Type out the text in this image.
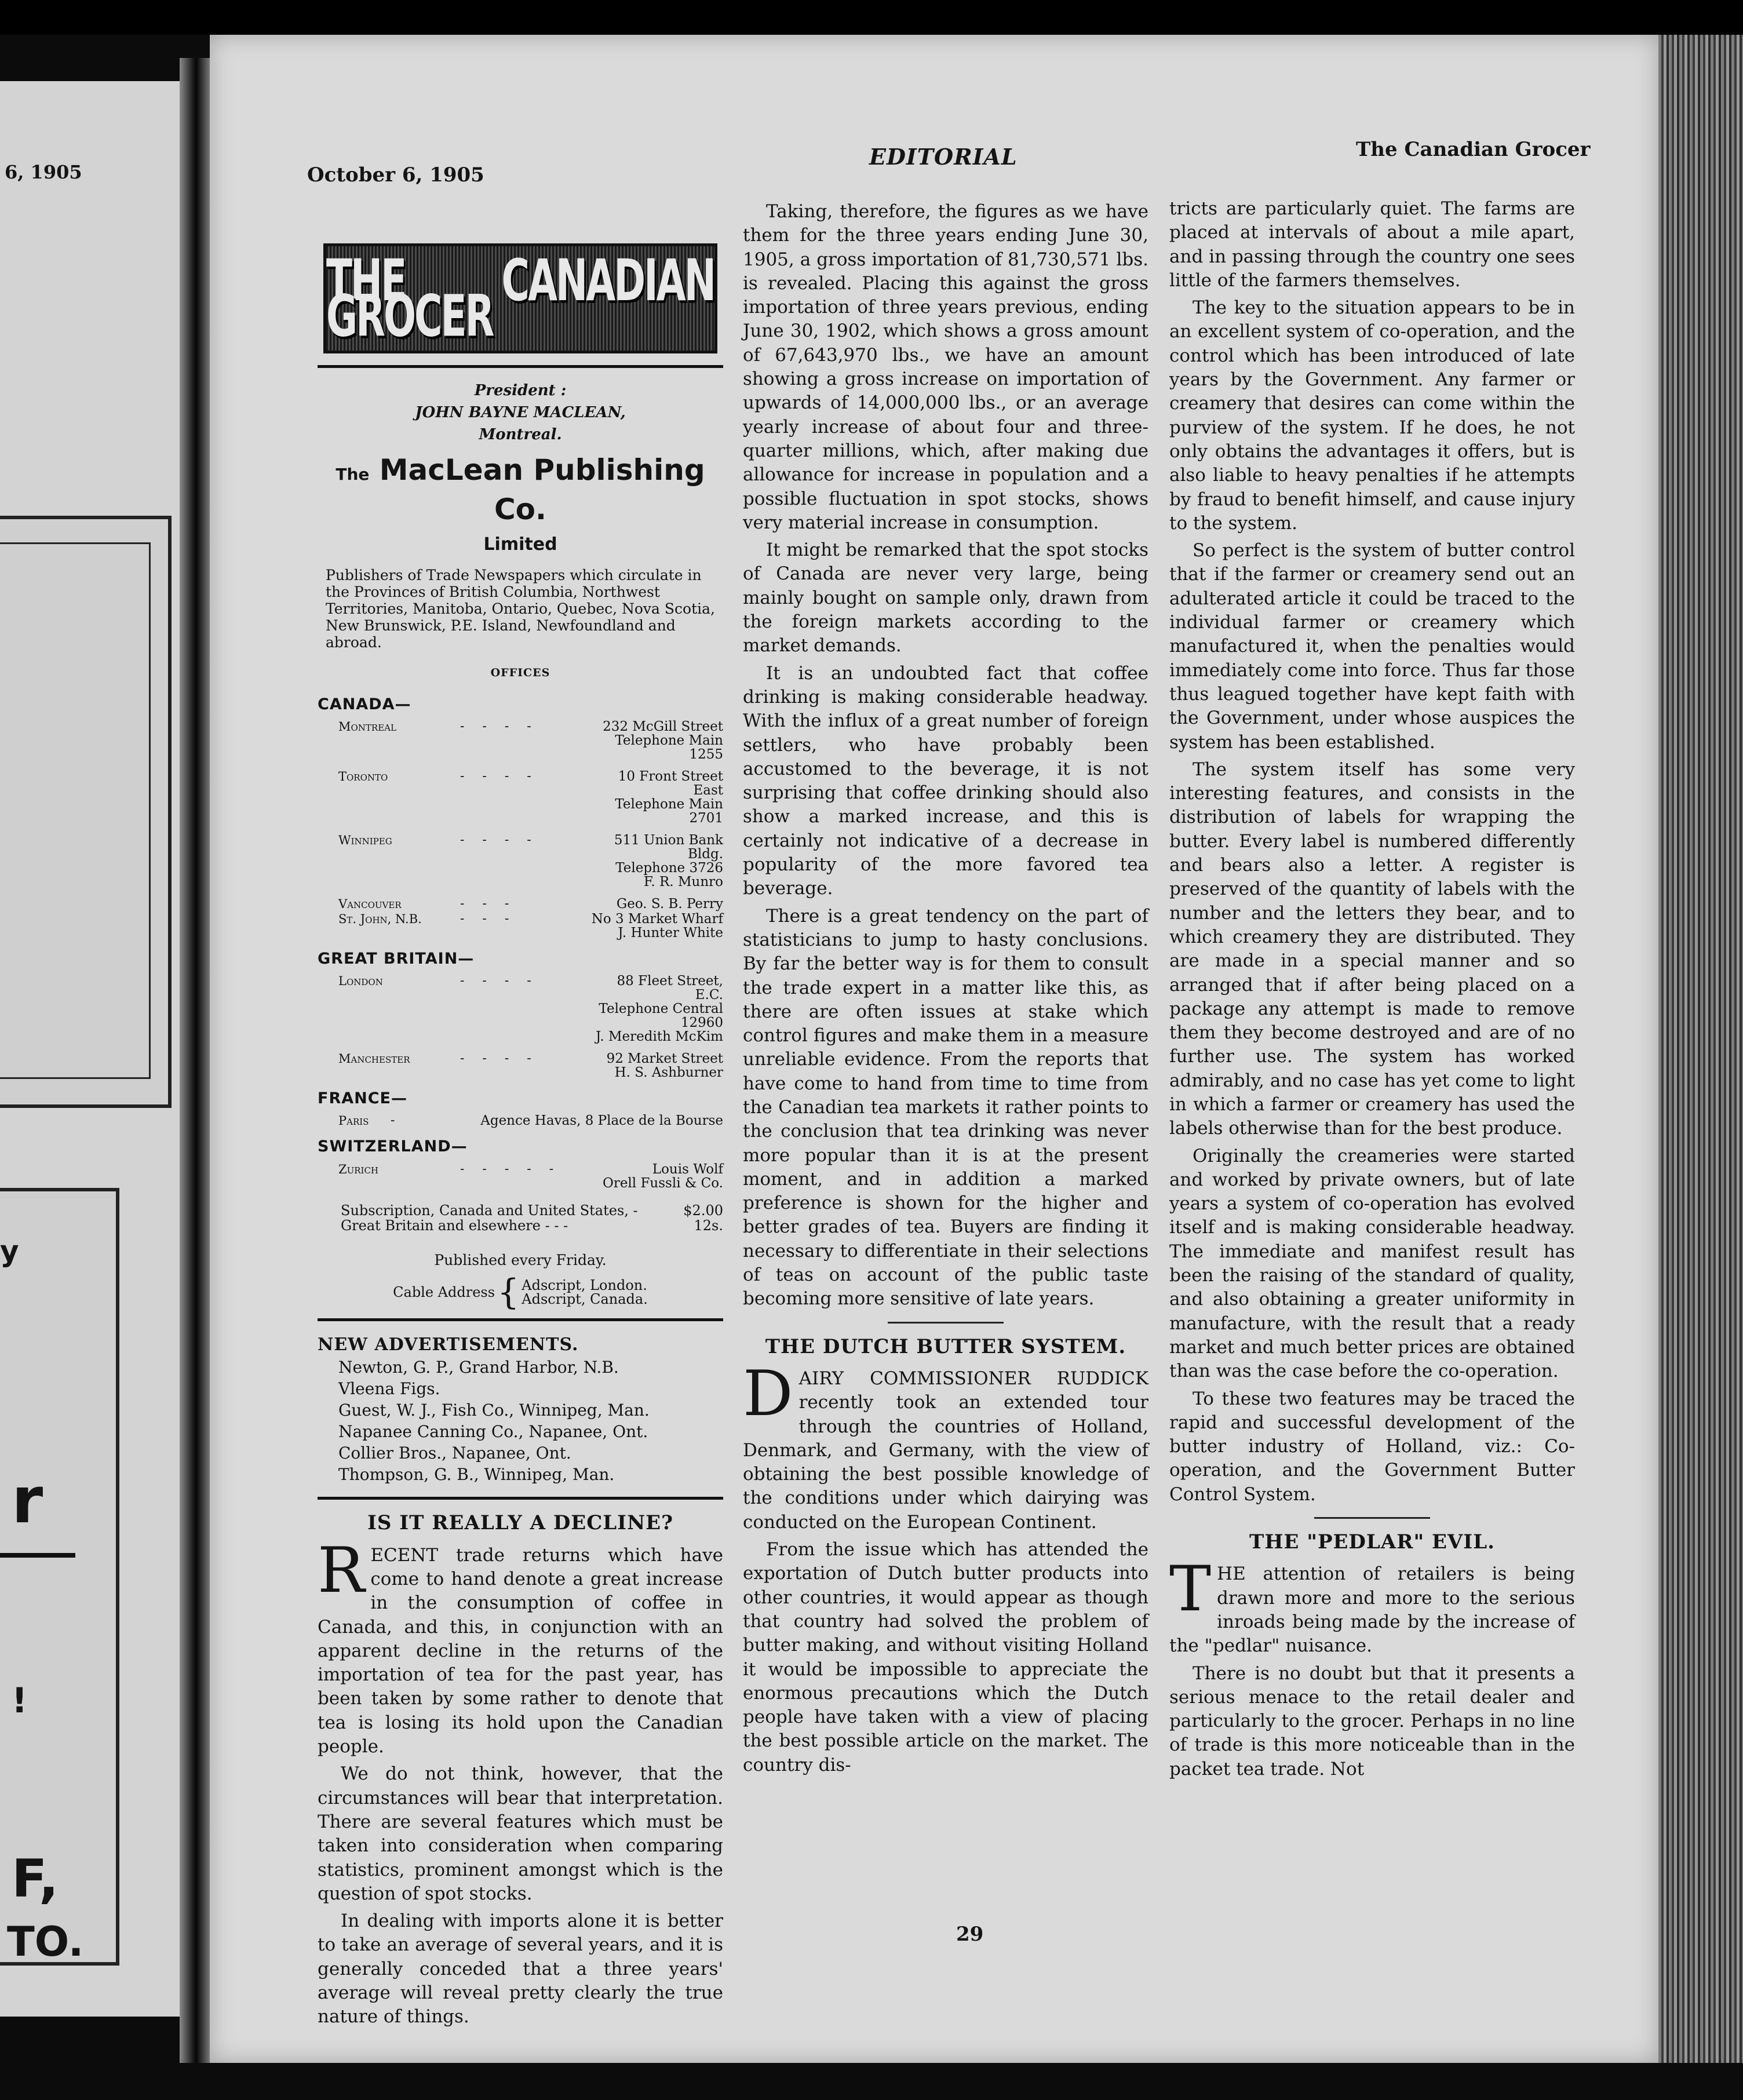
6, 1905
y
r
!
F,
TO.
October 6, 1905
EDITORIAL	The Canadian Grocer
THE CANADIAN GROCER
President :
JOHN BAYNE MACLEAN,
Montreal.
The MacLean Publishing Co.
Limited
Publishers of Trade Newspapers which circulate in the Provinces of British Columbia, Northwest Territories, Manitoba, Ontario, Quebec, Nova Scotia, New Brunswick, P.E. Island, Newfoundland and abroad.
OFFICES
CANADA—
Montreal	- - - -	232 McGill Street
Telephone Main 1255
Toronto	- - - -	10 Front Street East
Telephone Main 2701
Winnipeg	- - - -	511 Union Bank Bldg.
Telephone 3726
F. R. Munro
Vancouver	- - -	Geo. S. B. Perry
St. John, N.B.	- - -	No 3 Market Wharf
J. Hunter White
GREAT BRITAIN—
London	- - - -	88 Fleet Street, E.C.
Telephone Central 12960
J. Meredith McKim
Manchester	- - - -	92 Market Street
H. S. Ashburner
FRANCE—
Paris	-	Agence Havas, 8 Place de la Bourse
SWITZERLAND—
Zurich	- - - - -	Louis Wolf
Orell Fussli & Co.
Subscription, Canada and United States, -	$2.00
Great Britain and elsewhere - - -	12s.
Published every Friday.
Cable Address { Adscript, London.
Adscript, Canada.
NEW ADVERTISEMENTS.
Newton, G. P., Grand Harbor, N.B.
Vleena Figs.
Guest, W. J., Fish Co., Winnipeg, Man.
Napanee Canning Co., Napanee, Ont.
Collier Bros., Napanee, Ont.
Thompson, G. B., Winnipeg, Man.
IS IT REALLY A DECLINE?

RECENT trade returns which have come to hand denote a great increase in the consumption of coffee in Canada, and this, in conjunction with an apparent decline in the returns of the importation of tea for the past year, has been taken by some rather to denote that tea is losing its hold upon the Canadian people.

We do not think, however, that the circumstances will bear that interpretation. There are several features which must be taken into consideration when comparing statistics, prominent amongst which is the question of spot stocks.

In dealing with imports alone it is better to take an average of several years, and it is generally conceded that a three years' average will reveal pretty clearly the true nature of things.

Taking, therefore, the figures as we have them for the three years ending June 30, 1905, a gross importation of 81,730,571 lbs. is revealed. Placing this against the gross importation of three years previous, ending June 30, 1902, which shows a gross amount of 67,643,970 lbs., we have an amount showing a gross increase on importation of upwards of 14,000,000 lbs., or an average yearly increase of about four and three-quarter millions, which, after making due allowance for increase in population and a possible fluctuation in spot stocks, shows very material increase in consumption.

It might be remarked that the spot stocks of Canada are never very large, being mainly bought on sample only, drawn from the foreign markets according to the market demands.

It is an undoubted fact that coffee drinking is making considerable headway. With the influx of a great number of foreign settlers, who have probably been accustomed to the beverage, it is not surprising that coffee drinking should also show a marked increase, and this is certainly not indicative of a decrease in popularity of the more favored tea beverage.

There is a great tendency on the part of statisticians to jump to hasty conclusions. By far the better way is for them to consult the trade expert in a matter like this, as there are often issues at stake which control figures and make them in a measure unreliable evidence. From the reports that have come to hand from time to time from the Canadian tea markets it rather points to the conclusion that tea drinking was never more popular than it is at the present moment, and in addition a marked preference is shown for the higher and better grades of tea. Buyers are finding it necessary to differentiate in their selections of teas on account of the public taste becoming more sensitive of late years.

THE DUTCH BUTTER SYSTEM.

DAIRY COMMISSIONER RUDDICK recently took an extended tour through the countries of Holland, Denmark, and Germany, with the view of obtaining the best possible knowledge of the conditions under which dairying was conducted on the European Continent.

From the issue which has attended the exportation of Dutch butter products into other countries, it would appear as though that country had solved the problem of butter making, and without visiting Holland it would be impossible to appreciate the enormous precautions which the Dutch people have taken with a view of placing the best possible article on the market. The country dis-

tricts are particularly quiet. The farms are placed at intervals of about a mile apart, and in passing through the country one sees little of the farmers themselves.

The key to the situation appears to be in an excellent system of co-operation, and the control which has been introduced of late years by the Government. Any farmer or creamery that desires can come within the purview of the system. If he does, he not only obtains the advantages it offers, but is also liable to heavy penalties if he attempts by fraud to benefit himself, and cause injury to the system.

So perfect is the system of butter control that if the farmer or creamery send out an adulterated article it could be traced to the individual farmer or creamery which manufactured it, when the penalties would immediately come into force. Thus far those thus leagued together have kept faith with the Government, under whose auspices the system has been established.

The system itself has some very interesting features, and consists in the distribution of labels for wrapping the butter. Every label is numbered differently and bears also a letter. A register is preserved of the quantity of labels with the number and the letters they bear, and to which creamery they are distributed. They are made in a special manner and so arranged that if after being placed on a package any attempt is made to remove them they become destroyed and are of no further use. The system has worked admirably, and no case has yet come to light in which a farmer or creamery has used the labels otherwise than for the best produce.

Originally the creameries were started and worked by private owners, but of late years a system of co-operation has evolved itself and is making considerable headway. The immediate and manifest result has been the raising of the standard of quality, and also obtaining a greater uniformity in manufacture, with the result that a ready market and much better prices are obtained than was the case before the co-operation.

To these two features may be traced the rapid and successful development of the butter industry of Holland, viz.: Co-operation, and the Government Butter Control System.

THE "PEDLAR" EVIL.

THE attention of retailers is being drawn more and more to the serious inroads being made by the increase of the "pedlar" nuisance.

There is no doubt but that it presents a serious menace to the retail dealer and particularly to the grocer. Perhaps in no line of trade is this more noticeable than in the packet tea trade. Not

29
